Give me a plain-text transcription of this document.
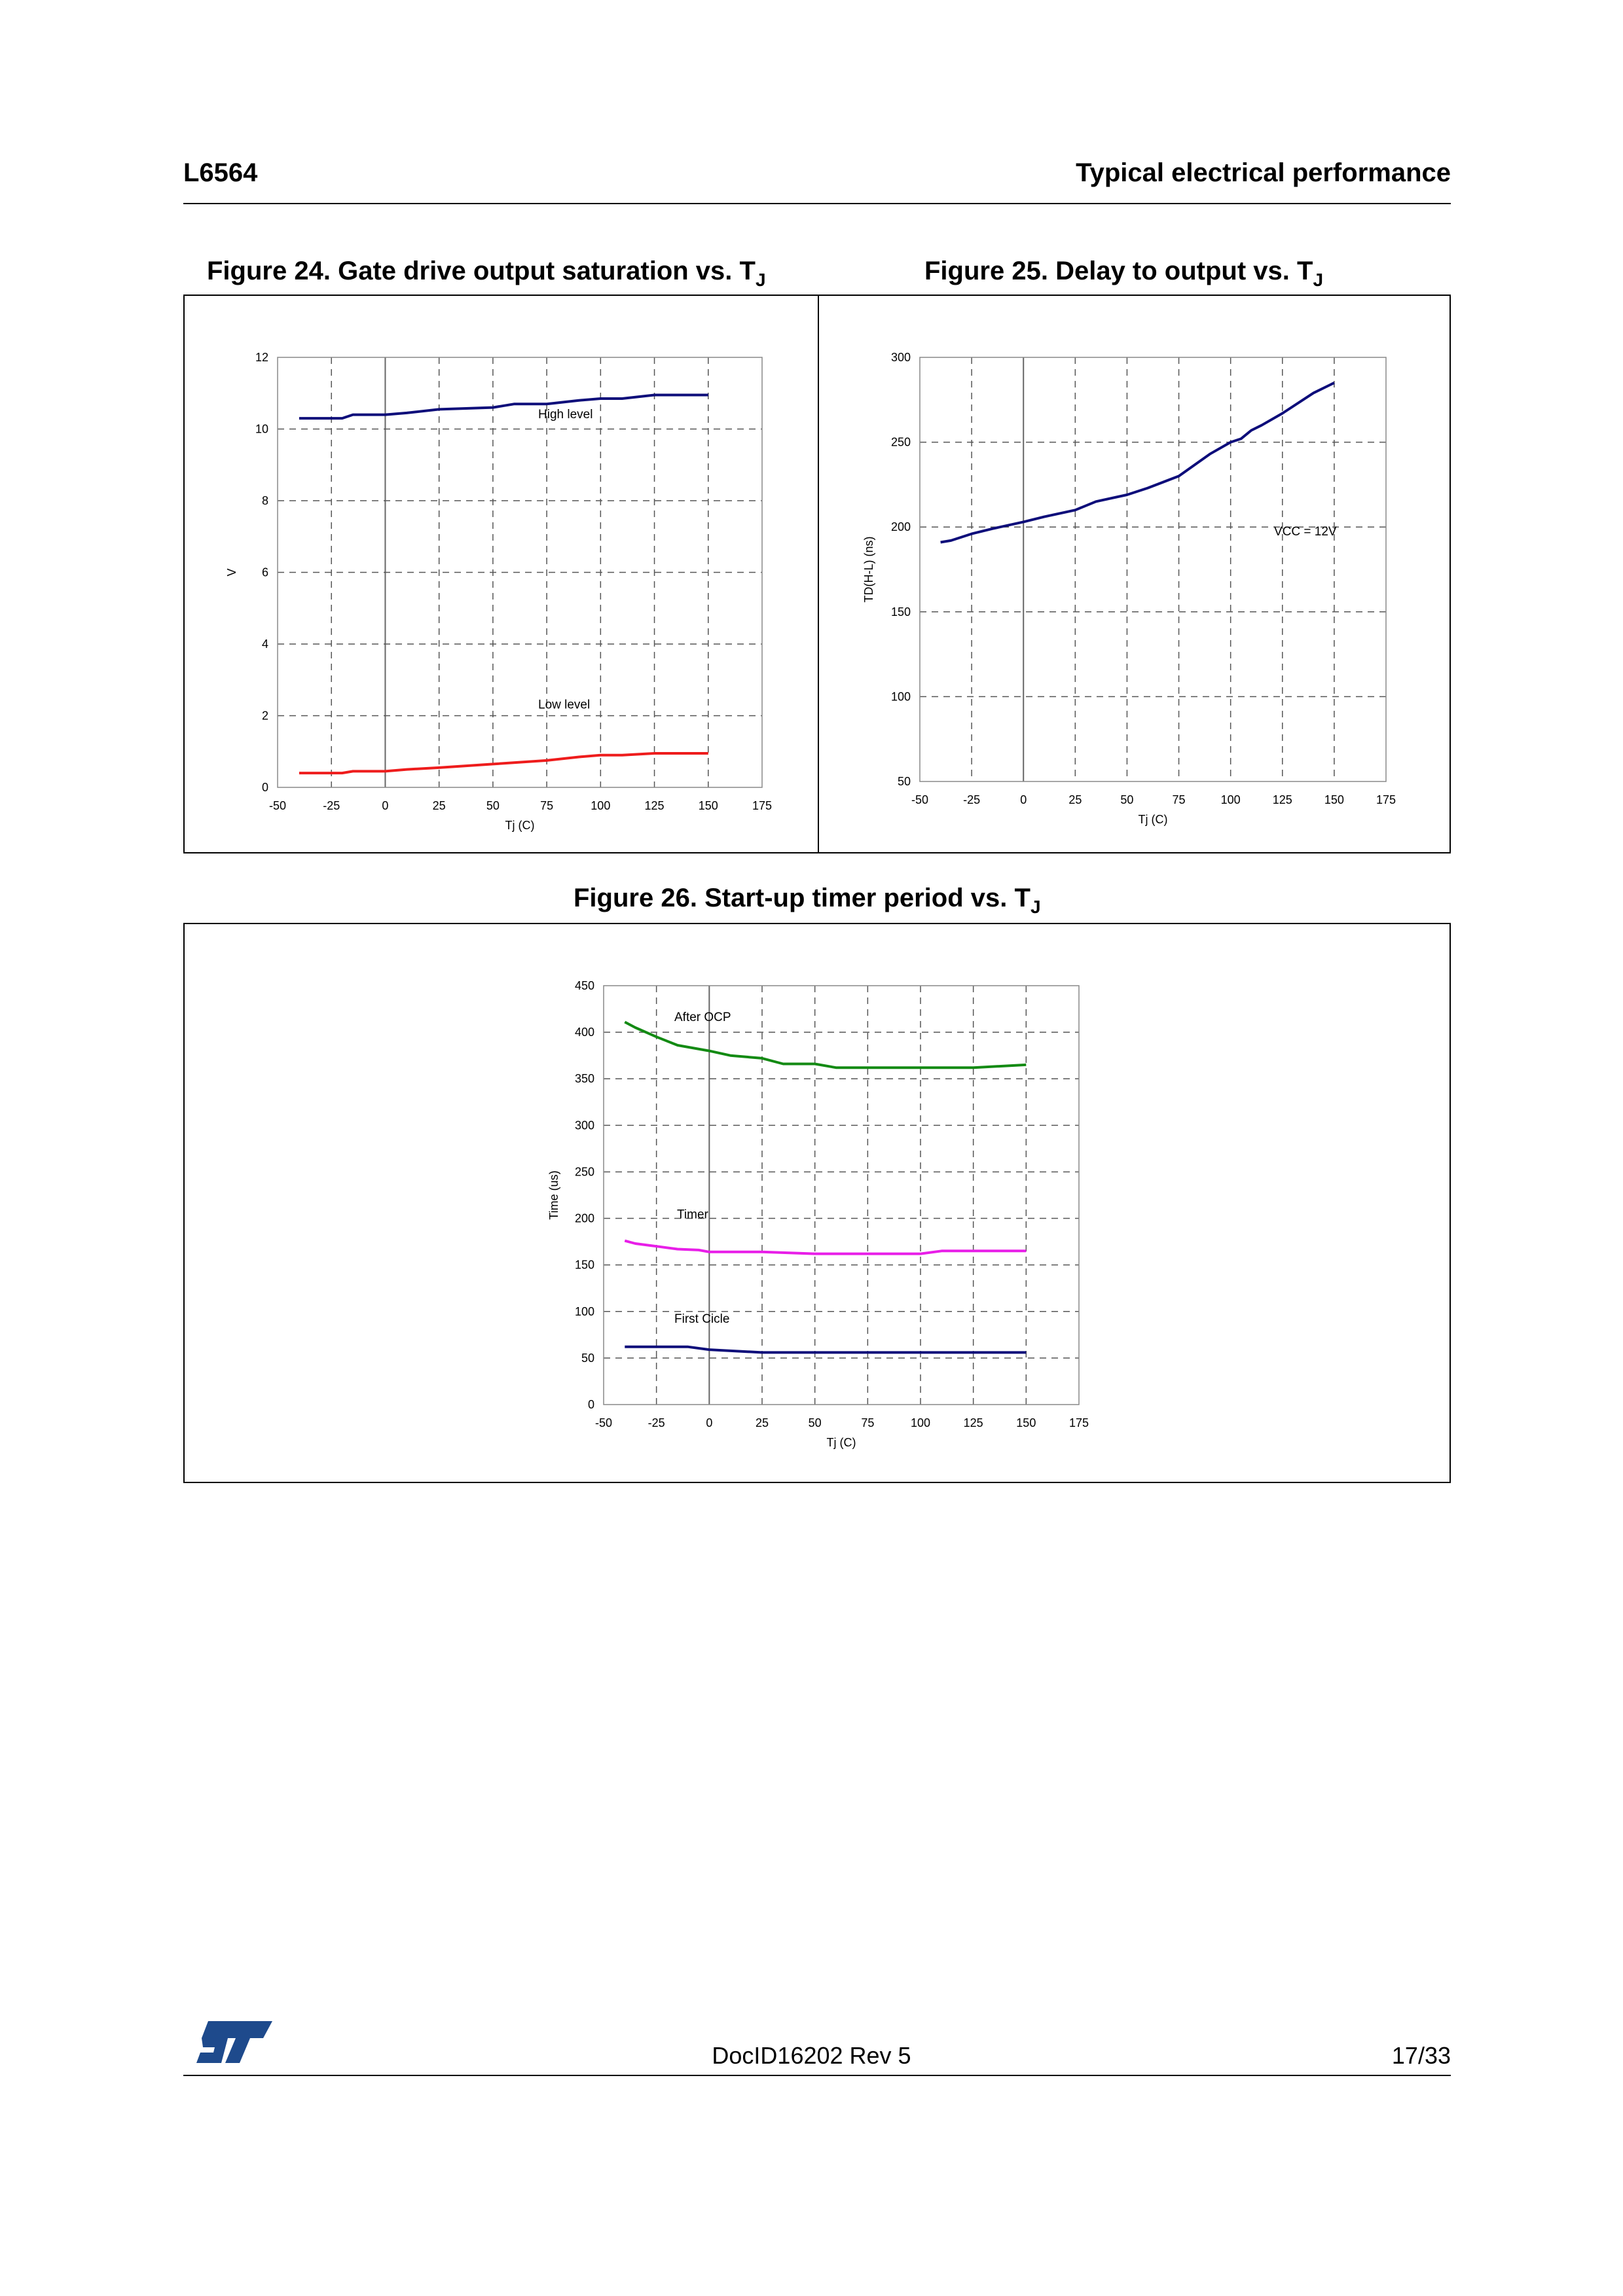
L6564	Typical electrical performance
Figure 24. Gate drive output saturation vs. $T_J$	Figure 25. Delay to output vs. $T_J$
-50	-25	0	25	50	75	100	125	150	175
0
2
4
6
8
10
12
Tj (C)
V
High level
Low level
-50	-25	0	25	50	75	100	125	150	175
50
100
150
200
250
300
Tj (C)
TD(H-L) (ns)
VCC = 12V
Figure 26. Start-up timer period vs. $T_J$
-50	-25	0	25	50	75	100	125	150	175
0
50
100
150
200
250
300
350
400
450
Tj (C)
Time (us)
After OCP
Timer
First Cicle
ST
DocID16202 Rev 5	17/33
